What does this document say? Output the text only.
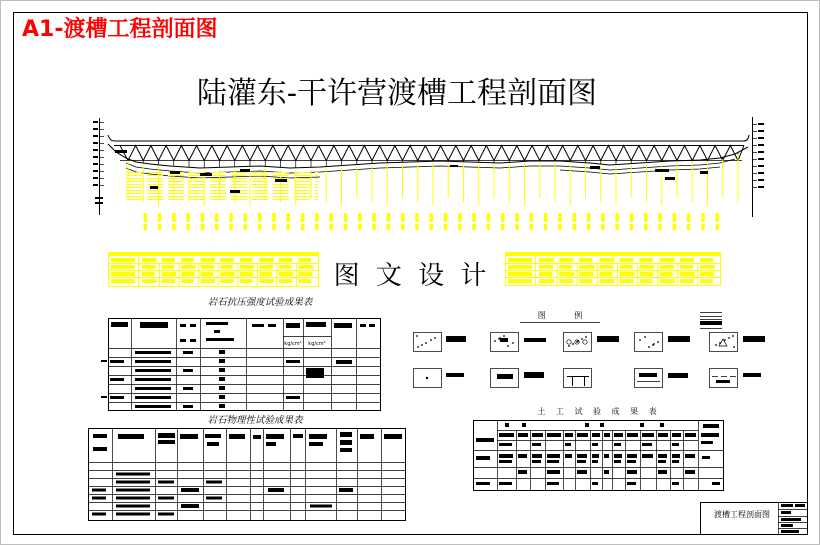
A1-渡槽工程剖面图
陆灌东-干许营渡槽工程剖面图
图 文 设 计
岩石抗压强度试验成果表
kg/cm² kg/cm²
岩石物理性试验成果表
图 例
土 工 试 验 成 果 表
渡槽工程剖面图
